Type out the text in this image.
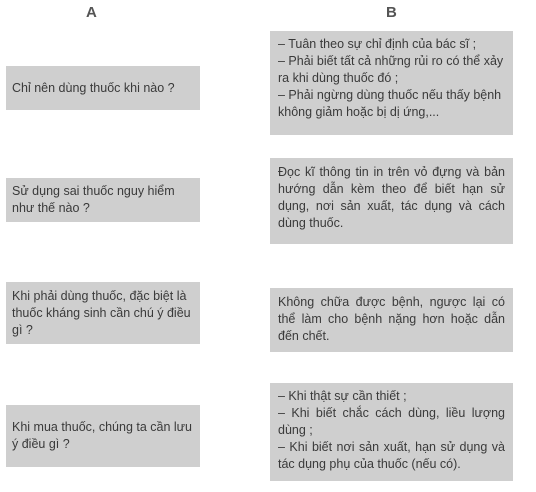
A	B
Chỉ nên dùng thuốc khi nào ?
Sử dụng sai thuốc nguy hiểm như thế nào ?
Khi phải dùng thuốc, đặc biệt là thuốc kháng sinh cần chú ý điều gì ?
Khi mua thuốc, chúng ta cần lưu ý điều gì ?
– Tuân theo sự chỉ định của bác sĩ ;
– Phải biết tất cả những rủi ro có thể xảy ra khi dùng thuốc đó ;
– Phải ngừng dùng thuốc nếu thấy bệnh không giảm hoặc bị dị ứng,...
Đọc kĩ thông tin in trên vỏ đựng và bản hướng dẫn kèm theo để biết hạn sử dụng, nơi sản xuất, tác dụng và cách dùng thuốc.
Không chữa được bệnh, ngược lại có thể làm cho bệnh nặng hơn hoặc dẫn đến chết.
– Khi thật sự cần thiết ;
– Khi biết chắc cách dùng, liều lượng dùng ;
– Khi biết nơi sản xuất, hạn sử dụng và tác dụng phụ của thuốc (nếu có).
